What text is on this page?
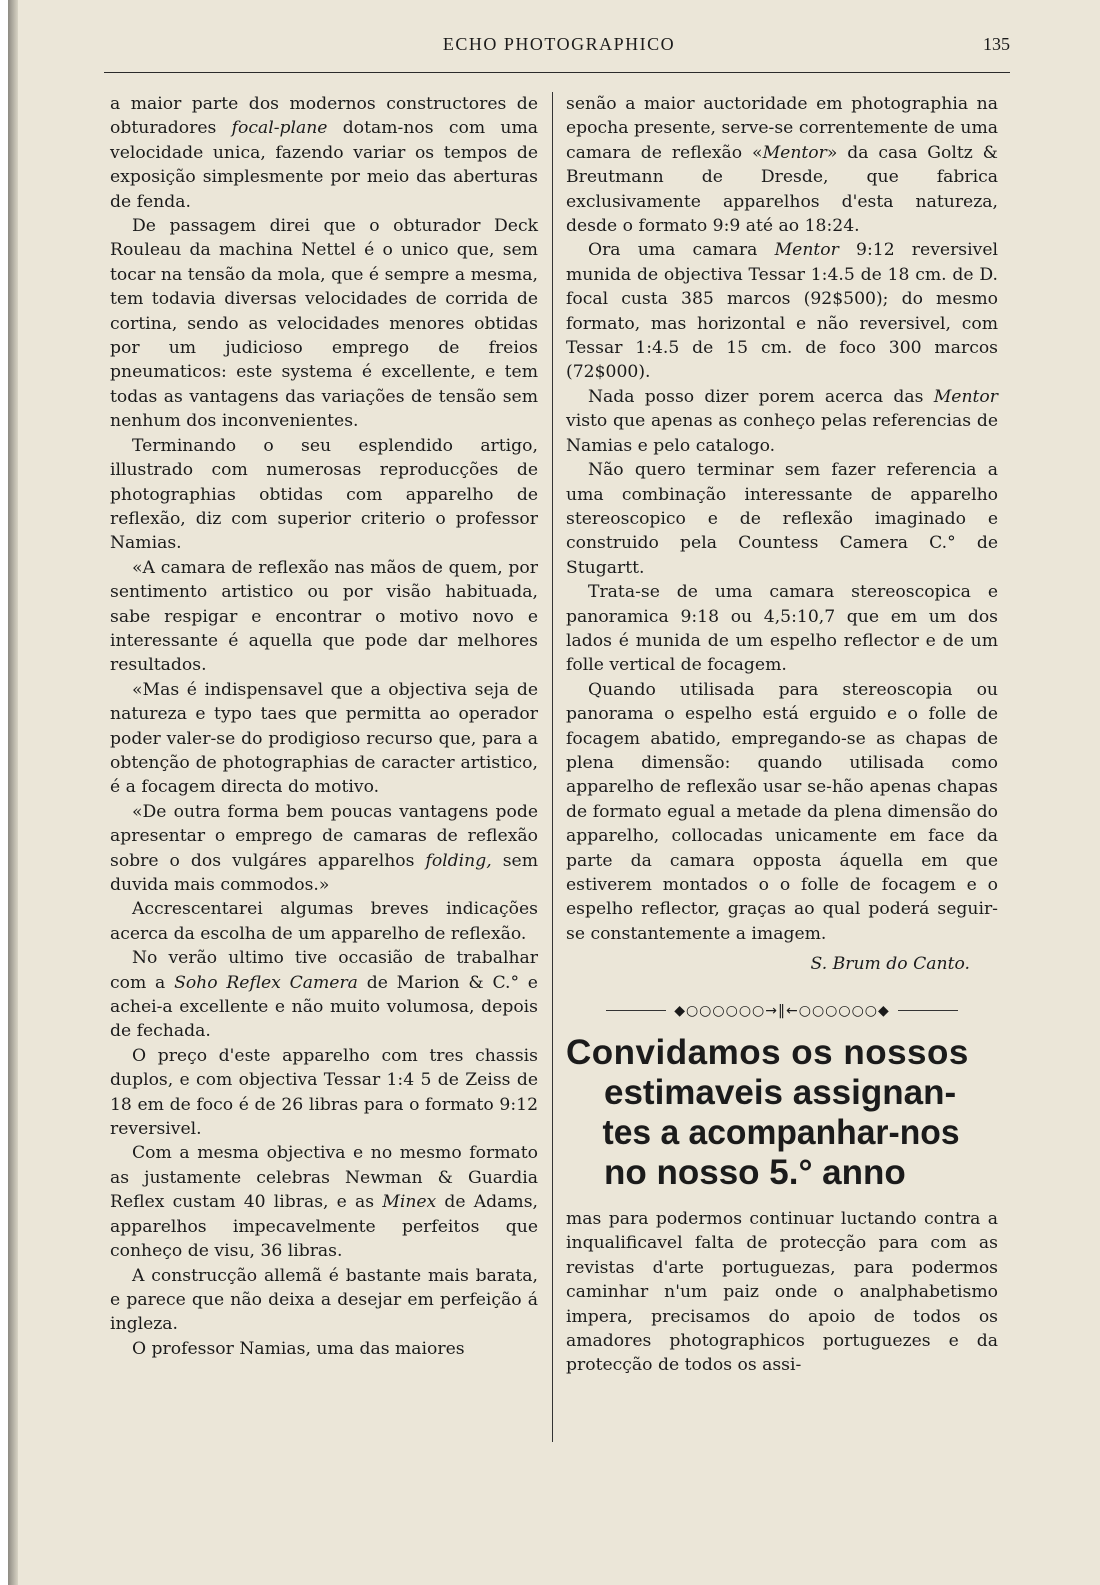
ECHO PHOTOGRAPHICO	135

a maior parte dos modernos constructores de obturadores focal-plane dotam-nos com uma velocidade unica, fazendo variar os tempos de exposição simplesmente por meio das aberturas de fenda.

De passagem direi que o obturador Deck Rouleau da machina Nettel é o unico que, sem tocar na tensão da mola, que é sempre a mesma, tem todavia diversas velocidades de corrida de cortina, sendo as velocidades menores obtidas por um judicioso emprego de freios pneumaticos: este systema é excellente, e tem todas as vantagens das variações de tensão sem nenhum dos inconvenientes.

Terminando o seu esplendido artigo, illustrado com numerosas reproducções de photographias obtidas com apparelho de reflexão, diz com superior criterio o professor Namias.

«A camara de reflexão nas mãos de quem, por sentimento artistico ou por visão habituada, sabe respigar e encontrar o motivo novo e interessante é aquella que pode dar melhores resultados.

«Mas é indispensavel que a objectiva seja de natureza e typo taes que permitta ao operador poder valer-se do prodigioso recurso que, para a obtenção de photographias de caracter artistico, é a focagem directa do motivo.

«De outra forma bem poucas vantagens pode apresentar o emprego de camaras de reflexão sobre o dos vulgáres apparelhos folding, sem duvida mais commodos.»

Accrescentarei algumas breves indicações acerca da escolha de um apparelho de reflexão.

No verão ultimo tive occasião de trabalhar com a Soho Reflex Camera de Marion & C.° e achei-a excellente e não muito volumosa, depois de fechada.

O preço d'este apparelho com tres chassis duplos, e com objectiva Tessar 1:4 5 de Zeiss de 18 em de foco é de 26 libras para o formato 9:12 reversivel.

Com a mesma objectiva e no mesmo formato as justamente celebras Newman & Guardia Reflex custam 40 libras, e as Minex de Adams, apparelhos impecavelmente perfeitos que conheço de visu, 36 libras.

A construcção allemã é bastante mais barata, e parece que não deixa a desejar em perfeição á ingleza.

O professor Namias, uma das maiores

senão a maior auctoridade em photographia na epocha presente, serve-se correntemente de uma camara de reflexão «Mentor» da casa Goltz & Breutmann de Dresde, que fabrica exclusivamente apparelhos d'esta natureza, desde o formato 9:9 até ao 18:24.

Ora uma camara Mentor 9:12 reversivel munida de objectiva Tessar 1:4.5 de 18 cm. de D. focal custa 385 marcos (92$500); do mesmo formato, mas horizontal e não reversivel, com Tessar 1:4.5 de 15 cm. de foco 300 marcos (72$000).

Nada posso dizer porem acerca das Mentor visto que apenas as conheço pelas referencias de Namias e pelo catalogo.

Não quero terminar sem fazer referencia a uma combinação interessante de apparelho stereoscopico e de reflexão imaginado e construido pela Countess Camera C.° de Stugartt.

Trata-se de uma camara stereoscopica e panoramica 9:18 ou 4,5:10,7 que em um dos lados é munida de um espelho reflector e de um folle vertical de focagem.

Quando utilisada para stereoscopia ou panorama o espelho está erguido e o folle de focagem abatido, empregando-se as chapas de plena dimensão: quando utilisada como apparelho de reflexão usar se-hão apenas chapas de formato egual a metade da plena dimensão do apparelho, collocadas unicamente em face da parte da camara opposta áquella em que estiverem montados o o folle de focagem e o espelho reflector, graças ao qual poderá seguir-se constantemente a imagem.

S. Brum do Canto.

◆○○○○○○→‖←○○○○○○◆
Convidamos os nossos
estimaveis assignan-
tes a acompanhar-nos
no nosso 5.° anno

mas para podermos continuar luctando contra a inqualificavel falta de protecção para com as revistas d'arte portuguezas, para podermos caminhar n'um paiz onde o analphabetismo impera, precisamos do apoio de todos os amadores photographicos portuguezes e da protecção de todos os assi-
